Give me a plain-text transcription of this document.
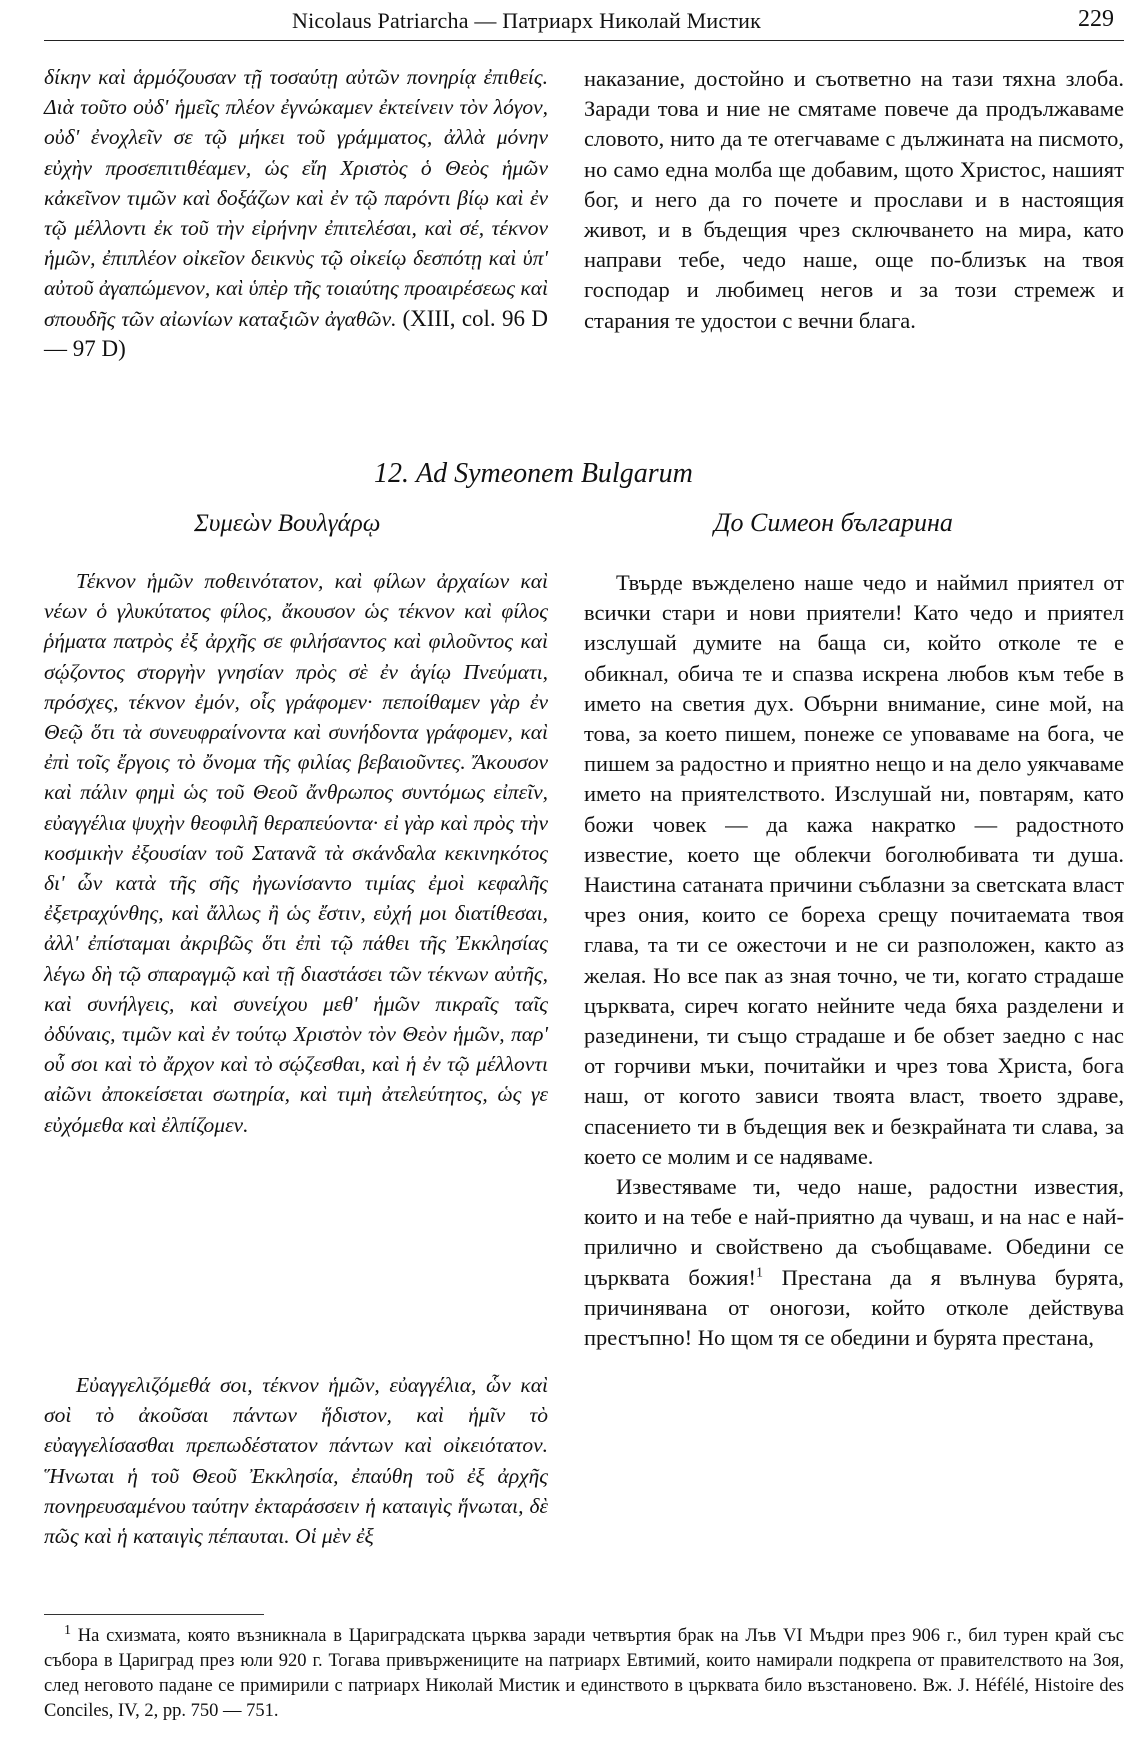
Nicolaus Patriarcha — Патриарх Николай Мистик	229

δίκην καὶ ἁρμόζουσαν τῇ τοσαύτῃ αὐτῶν πονηρίᾳ ἐπιθείς. Διὰ τοῦτο οὐδ' ἡμεῖς πλέον ἐγνώκαμεν ἐκτείνειν τὸν λόγον, οὐδ' ἐνοχλεῖν σε τῷ μήκει τοῦ γράμματος, ἀλλὰ μόνην εὐχὴν προσεπιτιθέαμεν, ὡς εἴη Χριστὸς ὁ Θεὸς ἡμῶν κἀκεῖνον τιμῶν καὶ δοξάζων καὶ ἐν τῷ παρόντι βίῳ καὶ ἐν τῷ μέλλοντι ἐκ τοῦ τὴν εἰρήνην ἐπιτελέσαι, καὶ σέ, τέκνον ἡμῶν, ἐπιπλέον οἰκεῖον δεικνὺς τῷ οἰκείῳ δεσπότῃ καὶ ὑπ' αὐτοῦ ἀγαπώμενον, καὶ ὑπὲρ τῆς τοιαύτης προαιρέσεως καὶ σπουδῆς τῶν αἰωνίων καταξιῶν ἀγαθῶν. (XIII, col. 96 D — 97 D)

наказание, достойно и съответно на тази тяхна злоба. Заради това и ние не смятаме повече да продължаваме словото, нито да те отегчаваме с дължината на писмото, но само една молба ще добавим, щото Христос, нашият бог, и него да го почете и прослави и в настоящия живот, и в бъдещия чрез сключването на мира, като направи тебе, чедо наше, още по-близък на твоя господар и любимец негов и за този стремеж и старания те удостои с вечни блага.

12. Ad Symeonem Bulgarum
Συμεὼν Βουλγάρῳ	До Симеон българина

Τέκνον ἡμῶν ποθεινότατον, καὶ φίλων ἀρχαίων καὶ νέων ὁ γλυκύτατος φίλος, ἄκουσον ὡς τέκνον καὶ φίλος ῥήματα πατρὸς ἐξ ἀρχῆς σε φιλήσαντος καὶ φιλοῦντος καὶ σῴζοντος στοργὴν γνησίαν πρὸς σὲ ἐν ἁγίῳ Πνεύματι, πρόσχες, τέκνον ἐμόν, οἷς γράφομεν· πεποίθαμεν γὰρ ἐν Θεῷ ὅτι τὰ συνευφραίνοντα καὶ συνήδοντα γράφομεν, καὶ ἐπὶ τοῖς ἔργοις τὸ ὄνομα τῆς φιλίας βεβαιοῦντες. Ἄκουσον καὶ πάλιν φημὶ ὡς τοῦ Θεοῦ ἄνθρωπος συντόμως εἰπεῖν, εὐαγγέλια ψυχὴν θεοφιλῆ θεραπεύοντα· εἰ γὰρ καὶ πρὸς τὴν κοσμικὴν ἐξουσίαν τοῦ Σατανᾶ τὰ σκάνδαλα κεκινηκότος δι' ὧν κατὰ τῆς σῆς ἠγωνίσαντο τιμίας ἐμοὶ κεφαλῆς ἐξετραχύνθης, καὶ ἄλλως ἢ ὡς ἔστιν, εὐχή μοι διατίθεσαι, ἀλλ' ἐπίσταμαι ἀκριβῶς ὅτι ἐπὶ τῷ πάθει τῆς Ἐκκλησίας λέγω δὴ τῷ σπαραγμῷ καὶ τῇ διαστάσει τῶν τέκνων αὐτῆς, καὶ συνήλγεις, καὶ συνείχου μεθ' ἡμῶν πικραῖς ταῖς ὀδύναις, τιμῶν καὶ ἐν τούτῳ Χριστὸν τὸν Θεὸν ἡμῶν, παρ' οὗ σοι καὶ τὸ ἄρχον καὶ τὸ σῴζεσθαι, καὶ ἡ ἐν τῷ μέλλοντι αἰῶνι ἀποκείσεται σωτηρία, καὶ τιμὴ ἀτελεύτητος, ὡς γε εὐχόμεθα καὶ ἐλπίζομεν.

Εὐαγγελιζόμεθά σοι, τέκνον ἡμῶν, εὐαγγέλια, ὧν καὶ σοὶ τὸ ἀκοῦσαι πάντων ἥδιστον, καὶ ἡμῖν τὸ εὐαγγελίσασθαι πρεπωδέστατον πάντων καὶ οἰκειότατον. Ἥνωται ἡ τοῦ Θεοῦ Ἐκκλησία, ἐπαύθη τοῦ ἐξ ἀρχῆς πονηρευσαμένου ταύτην ἐκταράσσειν ἡ καταιγὶς ἥνωται, δὲ πῶς καὶ ἡ καταιγὶς πέπαυται. Οἱ μὲν ἐξ

Твърде въжделено наше чедо и наймил приятел от всички стари и нови приятели! Като чедо и приятел изслушай думите на баща си, който отколе те е обикнал, обича те и спазва искрена любов към тебе в името на светия дух. Обърни внимание, сине мой, на това, за което пишем, понеже се уповаваме на бога, че пишем за радостно и приятно нещо и на дело уякчаваме името на приятелството. Изслушай ни, повтарям, като божи човек — да кажа накратко — радостното известие, което ще облекчи боголюбивата ти душа. Наистина сатаната причини съблазни за светската власт чрез ония, които се бореха срещу почитаемата твоя глава, та ти се ожесточи и не си разположен, както аз желая. Но все пак аз зная точно, че ти, когато страдаше църквата, сиреч когато нейните чеда бяха разделени и разединени, ти също страдаше и бе обзет заедно с нас от горчиви мъки, почитайки и чрез това Христа, бога наш, от когото зависи твоята власт, твоето здраве, спасението ти в бъдещия век и безкрайната ти слава, за което се молим и се надяваме.

Известяваме ти, чедо наше, радостни известия, които и на тебе е най-приятно да чуваш, и на нас е най-прилично и свойствено да съобщаваме. Обедини се църквата божия!$^1$ Престана да я вълнува бурята, причинявана от оногози, който отколе действува престъпно! Но щом тя се обедини и бурята престана,

$^1$ На схизмата, която възникнала в Цариградската църква заради четвъртия брак на Лъв VI Мъдри през 906 г., бил турен край със събора в Цариград през юли 920 г. Тогава привържениците на патриарх Евтимий, които намирали подкрепа от правителството на Зоя, след неговото падане се примирили с патриарх Николай Мистик и единството в църквата било възстановено. Вж. J. Héfélé, Histoire des Conciles, IV, 2, pp. 750 — 751.
